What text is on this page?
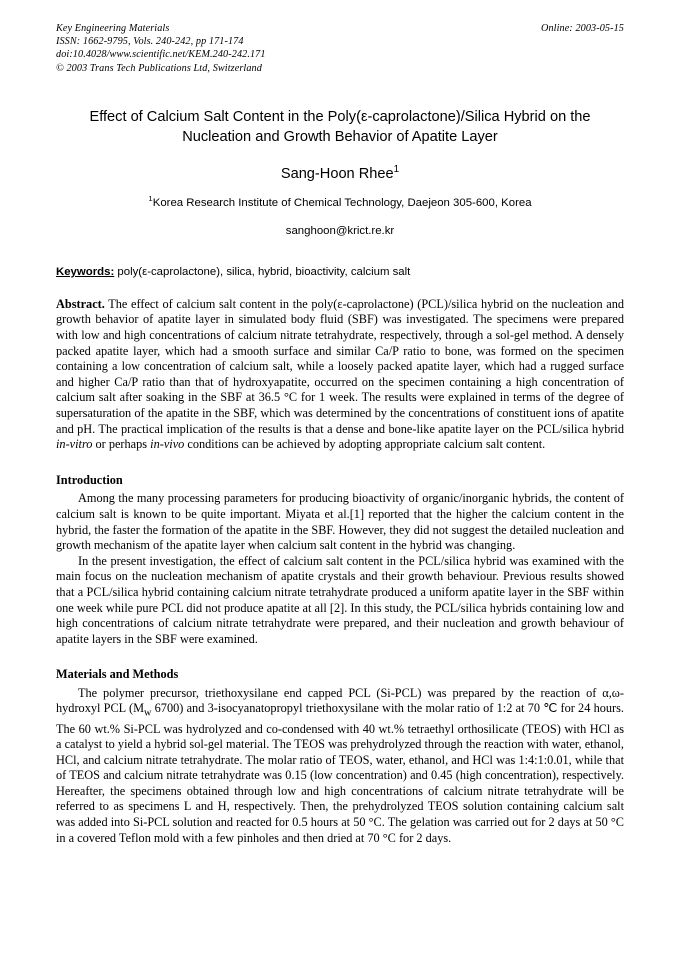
Online: 2003-05-15
Key Engineering Materials
ISSN: 1662-9795, Vols. 240-242, pp 171-174
doi:10.4028/www.scientific.net/KEM.240-242.171
© 2003 Trans Tech Publications Ltd, Switzerland
Effect of Calcium Salt Content in the Poly(ε-caprolactone)/Silica Hybrid on the
Nucleation and Growth Behavior of Apatite Layer
Sang-Hoon Rhee$^1$
$^1$Korea Research Institute of Chemical Technology, Daejeon 305-600, Korea
sanghoon@krict.re.kr
Keywords: poly(ε-caprolactone), silica, hybrid, bioactivity, calcium salt
Abstract. The effect of calcium salt content in the poly(ε-caprolactone) (PCL)/silica hybrid on the nucleation and growth behavior of apatite layer in simulated body fluid (SBF) was investigated. The specimens were prepared with low and high concentrations of calcium nitrate tetrahydrate, respectively, through a sol-gel method. A densely packed apatite layer, which had a smooth surface and similar Ca/P ratio to bone, was formed on the specimen containing a low concentration of calcium salt, while a loosely packed apatite layer, which had a rugged surface and higher Ca/P ratio than that of hydroxyapatite, occurred on the specimen containing a high concentration of calcium salt after soaking in the SBF at 36.5 °C for 1 week. The results were explained in terms of the degree of supersaturation of the apatite in the SBF, which was determined by the concentrations of constituent ions of apatite and pH. The practical implication of the results is that a dense and bone-like apatite layer on the PCL/silica hybrid in-vitro or perhaps in-vivo conditions can be achieved by adopting appropriate calcium salt content.
Introduction

Among the many processing parameters for producing bioactivity of organic/inorganic hybrids, the content of calcium salt is known to be quite important. Miyata et al.[1] reported that the higher the calcium content in the hybrid, the faster the formation of the apatite in the SBF. However, they did not suggest the detailed nucleation and growth mechanism of the apatite layer when calcium salt content in the hybrid was changing.

In the present investigation, the effect of calcium salt content in the PCL/silica hybrid was examined with the main focus on the nucleation mechanism of apatite crystals and their growth behaviour. Previous results showed that a PCL/silica hybrid containing calcium nitrate tetrahydrate produced a uniform apatite layer in the SBF within one week while pure PCL did not produce apatite at all [2]. In this study, the PCL/silica hybrids containing low and high concentrations of calcium nitrate tetrahydrate were prepared, and their nucleation and growth behaviour of apatite layers in the SBF were examined.

Materials and Methods

The polymer precursor, triethoxysilane end capped PCL (Si-PCL) was prepared by the reaction of α,ω-hydroxyl PCL ($M_w$ 6700) and 3-isocyanatopropyl triethoxysilane with the molar ratio of 1:2 at 70 ℃ for 24 hours. The 60 wt.% Si-PCL was hydrolyzed and co-condensed with 40 wt.% tetraethyl orthosilicate (TEOS) with HCl as a catalyst to yield a hybrid sol-gel material. The TEOS was prehydrolyzed through the reaction with water, ethanol, HCl, and calcium nitrate tetrahydrate. The molar ratio of TEOS, water, ethanol, and HCl was 1:4:1:0.01, while that of TEOS and calcium nitrate tetrahydrate was 0.15 (low concentration) and 0.45 (high concentration), respectively. Hereafter, the specimens obtained through low and high concentrations of calcium nitrate tetrahydrate will be referred to as specimens L and H, respectively. Then, the prehydrolyzed TEOS solution containing calcium salt was added into Si-PCL solution and reacted for 0.5 hours at 50 °C. The gelation was carried out for 2 days at 50 °C in a covered Teflon mold with a few pinholes and then dried at 70 °C for 2 days.
